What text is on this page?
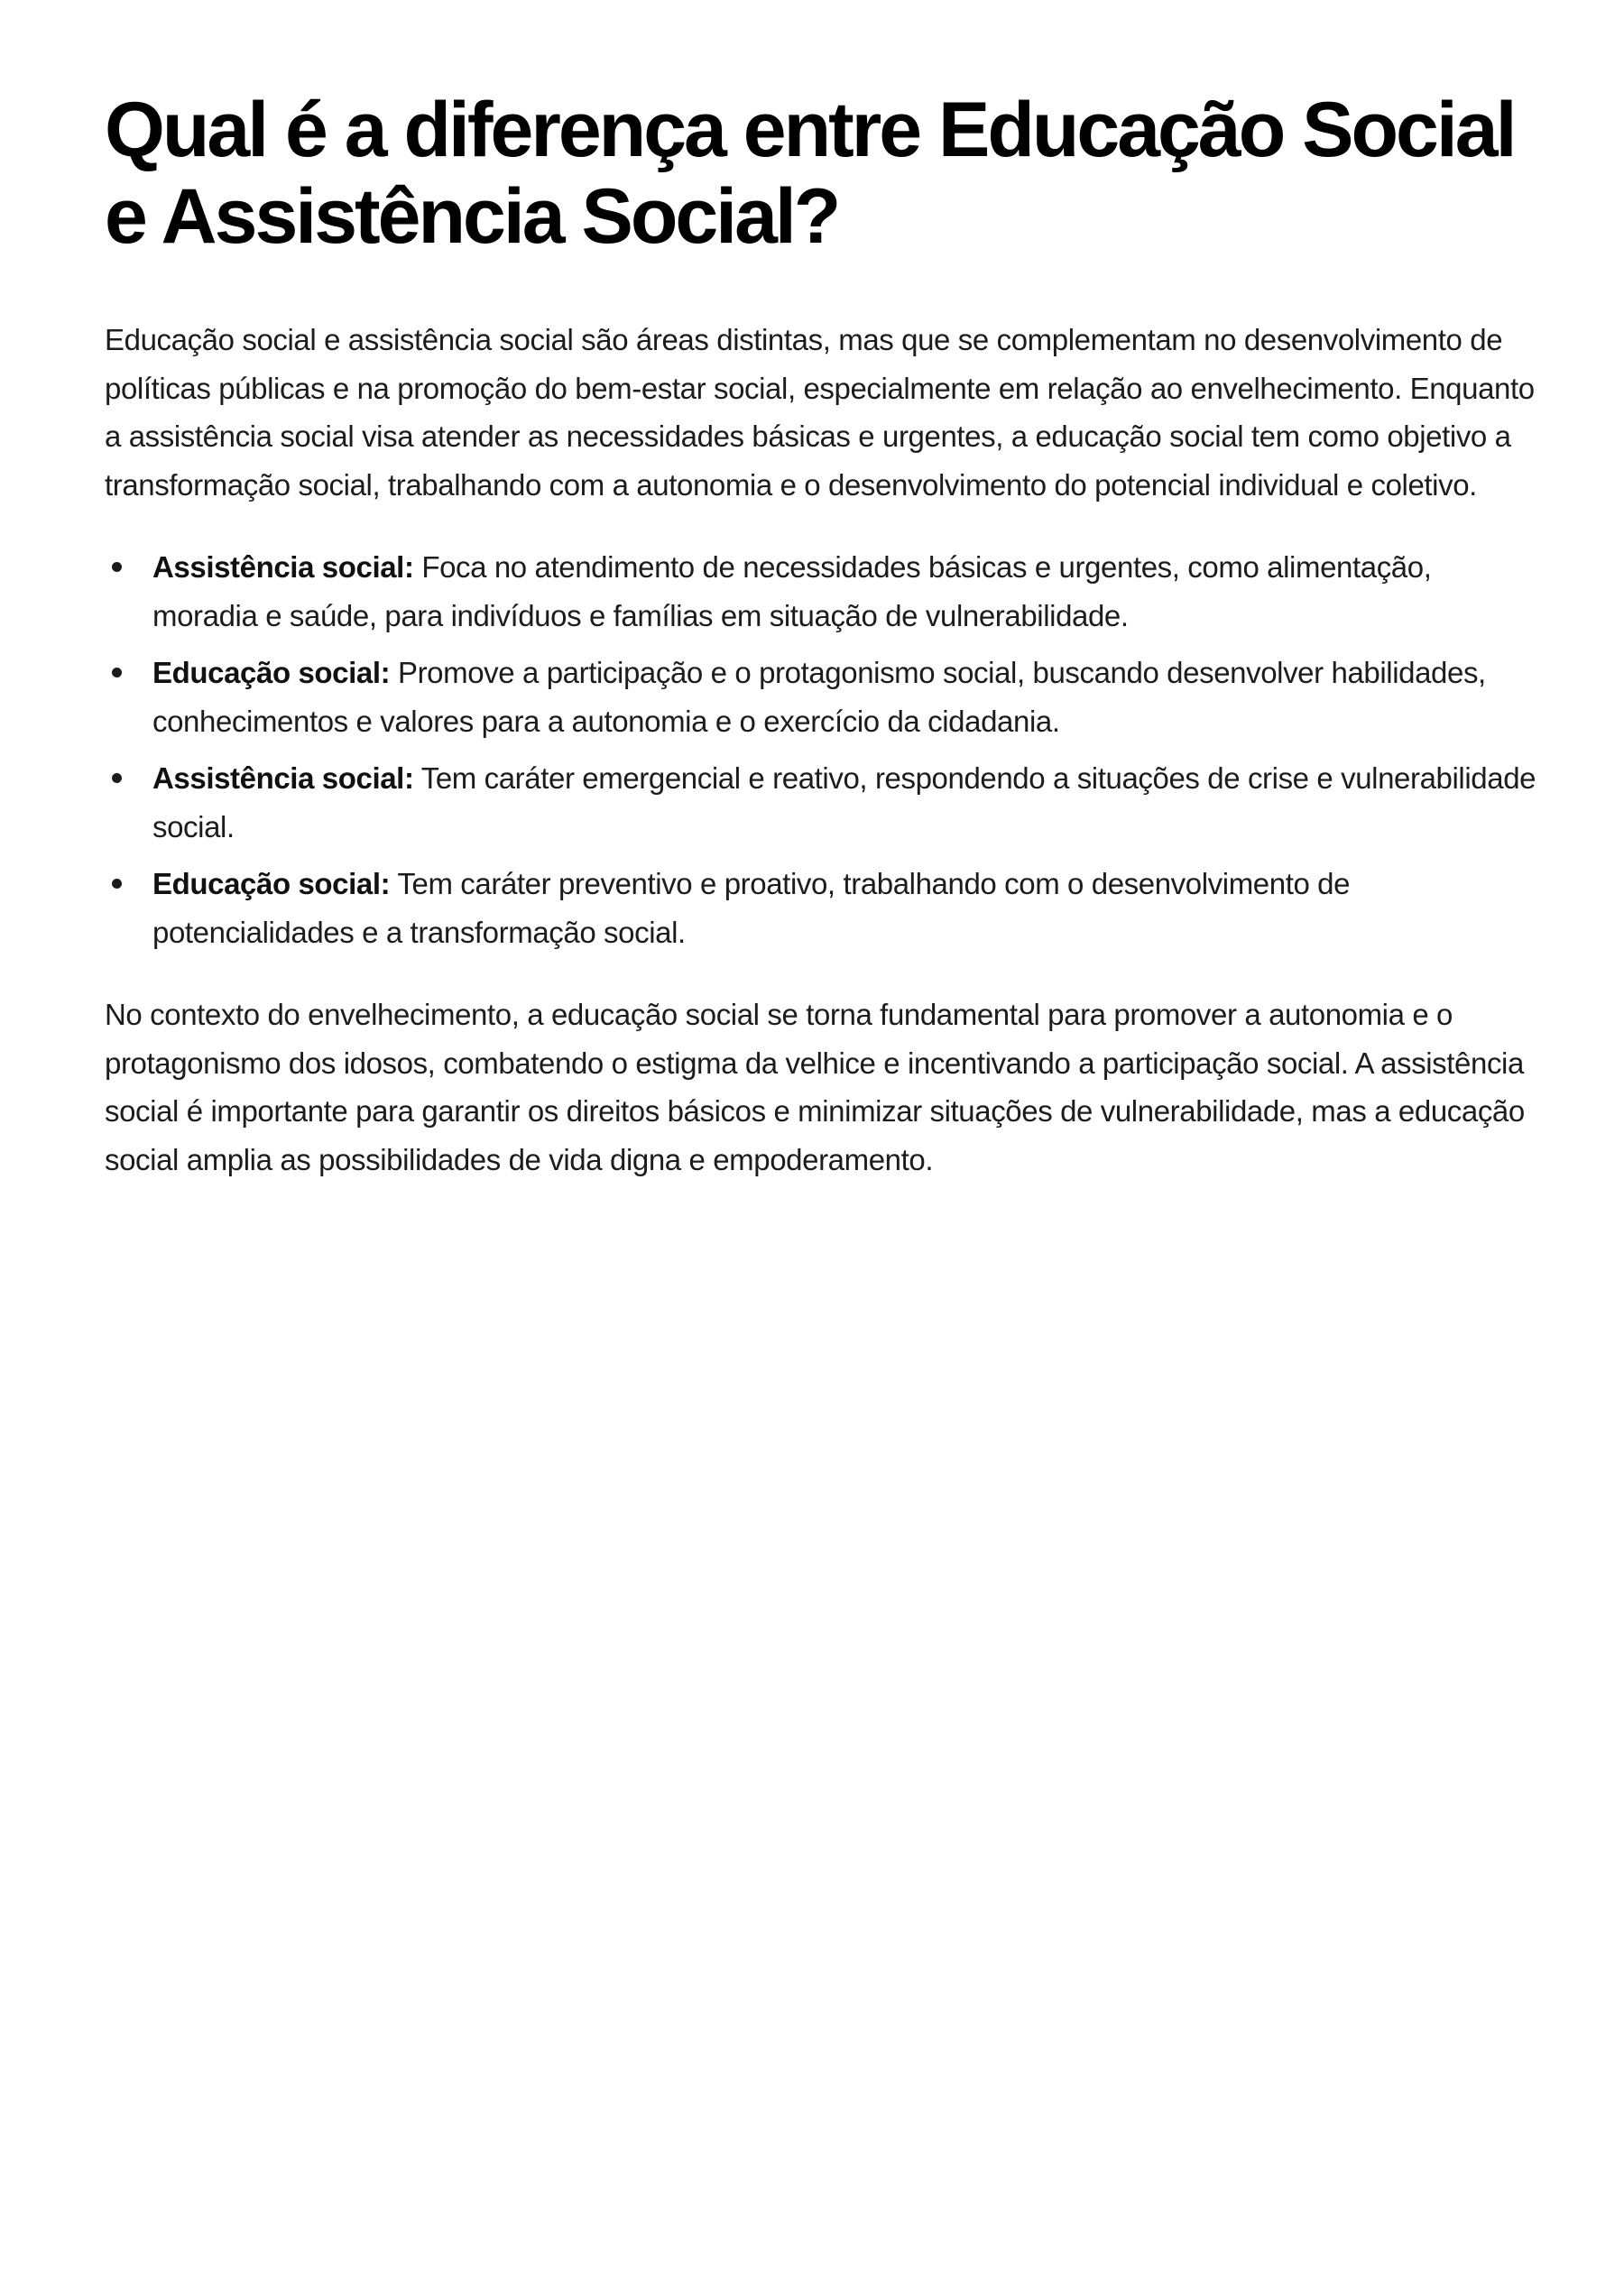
Qual é a diferença entre Educação Social e Assistência Social?

Educação social e assistência social são áreas distintas, mas que se complementam no desenvolvimento de políticas públicas e na promoção do bem-estar social, especialmente em relação ao envelhecimento. Enquanto a assistência social visa atender as necessidades básicas e urgentes, a educação social tem como objetivo a transformação social, trabalhando com a autonomia e o desenvolvimento do potencial individual e coletivo.

Assistência social: Foca no atendimento de necessidades básicas e urgentes, como alimentação, moradia e saúde, para indivíduos e famílias em situação de vulnerabilidade.
Educação social: Promove a participação e o protagonismo social, buscando desenvolver habilidades, conhecimentos e valores para a autonomia e o exercício da cidadania.
Assistência social: Tem caráter emergencial e reativo, respondendo a situações de crise e vulnerabilidade social.
Educação social: Tem caráter preventivo e proativo, trabalhando com o desenvolvimento de potencialidades e a transformação social.

No contexto do envelhecimento, a educação social se torna fundamental para promover a autonomia e o protagonismo dos idosos, combatendo o estigma da velhice e incentivando a participação social. A assistência social é importante para garantir os direitos básicos e minimizar situações de vulnerabilidade, mas a educação social amplia as possibilidades de vida digna e empoderamento.
